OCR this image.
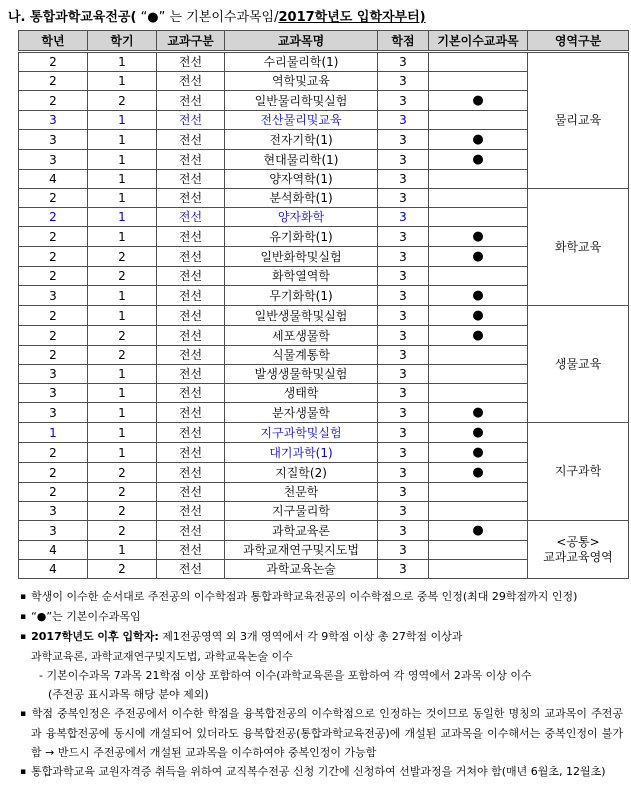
나. 통합과학교육전공( “●” 는 기본이수과목임/2017학년도 입학자부터)
학년	학기	교과구분	교과목명	학점	기본이수교과목	영역구분
2	1	전선	수리물리학(1)	3		물리교육

2	1	전선	역학및교육	3		
2	2	전선	일반물리학및실험	3	●	
3	1	전선	전산물리및교육	3		
3	1	전선	전자기학(1)	3	●	
3	1	전선	현대물리학(1)	3	●	
4	1	전선	양자역학(1)	3		
2	1	전선	분석화학(1)	3		화학교육

2	1	전선	양자화학	3		
2	1	전선	유기화학(1)	3	●	
2	2	전선	일반화학및실험	3	●	
2	2	전선	화학열역학	3		
3	1	전선	무기화학(1)	3	●	
2	1	전선	일반생물학및실험	3	●	생물교육

2	2	전선	세포생물학	3	●	
2	2	전선	식물계통학	3		
3	1	전선	발생생물학및실험	3		
3	1	전선	생태학	3		
3	1	전선	분자생물학	3	●	
1	1	전선	지구과학및실험	3	●	지구과학

2	1	전선	대기과학(1)	3	●	
2	2	전선	지질학(2)	3	●	
2	2	전선	천문학	3		
3	2	전선	지구물리학	3		
3	2	전선	과학교육론	3	●	<공통>
교과교육영역

4	1	전선	과학교재연구및지도법	3		
4	2	전선	과학교육논술	3		
▪ 학생이 이수한 순서대로 주전공의 이수학점과 통합과학교육전공의 이수학점으로 중복 인정(최대 29학점까지 인정)
▪ “●”는 기본이수과목임
▪ 2017학년도 이후 입학자: 제1전공영역 외 3개 영역에서 각 9학점 이상 총 27학점 이상과
과학교육론, 과학교재연구및지도법, 과학교육논술 이수
- 기본이수과목 7과목 21학점 이상 포함하여 이수(과학교육론을 포함하여 각 영역에서 2과목 이상 이수
(주전공 표시과목 해당 분야 제외)
▪ 학점 중복인정은 주전공에서 이수한 학점을 융복합전공의 이수학점으로 인정하는 것이므로 동일한 명칭의 교과목이 주전공과 융복합전공에 동시에 개설되어 있더라도 융복합전공(통합과학교육전공)에 개설된 교과목을 이수해서는 중복인정이 불가함 → 반드시 주전공에서 개설된 교과목을 이수하여야 중복인정이 가능함
▪ 통합과학교육 교원자격증 취득을 위하여 교직복수전공 신청 기간에 신청하여 선발과정을 거쳐야 함(매년 6월초, 12월초)
